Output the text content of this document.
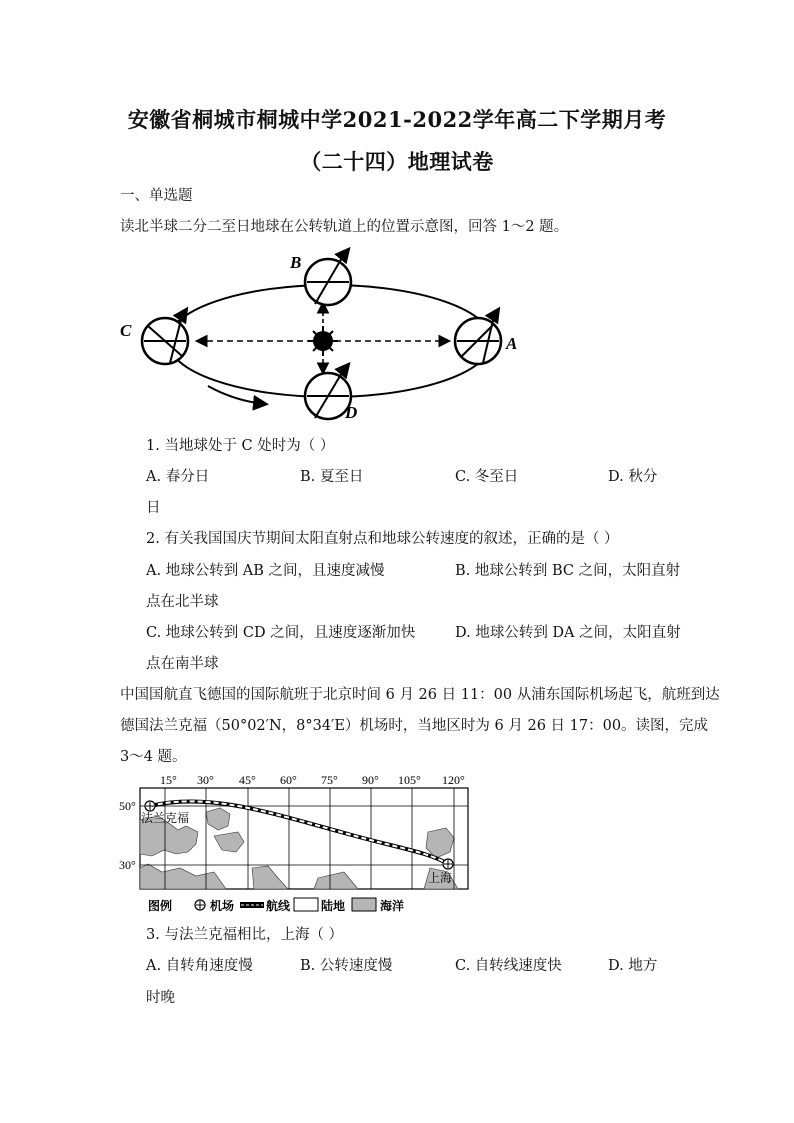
安徽省桐城市桐城中学2021-2022学年高二下学期月考
（二十四）地理试卷
一、单选题
读北半球二分二至日地球在公转轨道上的位置示意图，回答 1～2 题。
B
C
A
D
1. 当地球处于 C 处时为（ ）
A. 春分日	B. 夏至日	C. 冬至日	D. 秋分
日
2. 有关我国国庆节期间太阳直射点和地球公转速度的叙述，正确的是（ ）
A. 地球公转到 AB 之间，且速度减慢	B. 地球公转到 BC 之间，太阳直射
点在北半球
C. 地球公转到 CD 之间，且速度逐渐加快	D. 地球公转到 DA 之间，太阳直射
点在南半球
中国国航直飞德国的国际航班于北京时间 6 月 26 日 11：00 从浦东国际机场起飞，航班到达
德国法兰克福（50°02′N，8°34′E）机场时，当地区时为 6 月 26 日 17：00。读图，完成
3～4 题。
15° 30° 45° 60° 75° 90° 105° 120°
50°
30°
法兰克福
上海
图例	机场	航线	陆地	海洋
3. 与法兰克福相比，上海（ ）
A. 自转角速度慢	B. 公转速度慢	C. 自转线速度快	D. 地方
时晚
